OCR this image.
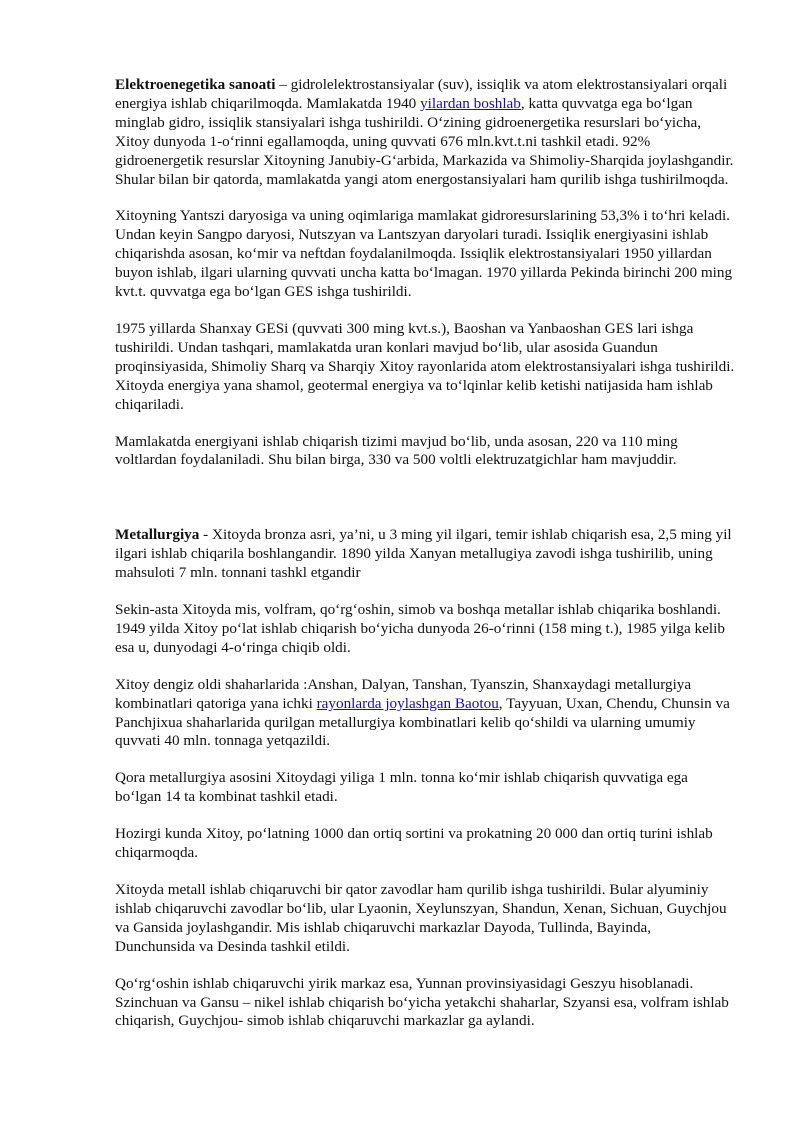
Elektroenegetika sanoati – gidrolelektrostansiyalar (suv), issiqlik va atom elektrostansiyalari orqali energiya ishlab chiqarilmoqda. Mamlakatda 1940 yilardan boshlab, katta quvvatga ega bo‘lgan minglab gidro, issiqlik stansiyalari ishga tushirildi. O‘zining gidroenergetika resurslari bo‘yicha, Xitoy dunyoda 1-o‘rinni egallamoqda, uning quvvati 676 mln.kvt.t.ni tashkil etadi. 92% gidroenergetik resurslar Xitoyning Janubiy-G‘arbida, Markazida va Shimoliy-Sharqida joylashgandir. Shular bilan bir qatorda, mamlakatda yangi atom energostansiyalari ham qurilib ishga tushirilmoqda.

Xitoyning Yantszi daryosiga va uning oqimlariga mamlakat gidroresurslarining 53,3% i to‘hri keladi. Undan keyin Sangpo daryosi, Nutszyan va Lantszyan daryolari turadi. Issiqlik energiyasini ishlab chiqarishda asosan, ko‘mir va neftdan foydalanilmoqda. Issiqlik elektrostansiyalari 1950 yillardan buyon ishlab, ilgari ularning quvvati uncha katta bo‘lmagan. 1970 yillarda Pekinda birinchi 200 ming kvt.t. quvvatga ega bo‘lgan GES ishga tushirildi.

1975 yillarda Shanxay GESi (quvvati 300 ming kvt.s.), Baoshan va Yanbaoshan GES lari ishga tushirildi. Undan tashqari, mamlakatda uran konlari mavjud bo‘lib, ular asosida Guandun proqinsiyasida, Shimoliy Sharq va Sharqiy Xitoy rayonlarida atom elektrostansiyalari ishga tushirildi. Xitoyda energiya yana shamol, geotermal energiya va to‘lqinlar kelib ketishi natijasida ham ishlab chiqariladi.

Mamlakatda energiyani ishlab chiqarish tizimi mavjud bo‘lib, unda asosan, 220 va 110 ming voltlardan foydalaniladi. Shu bilan birga, 330 va 500 voltli elektruzatgichlar ham mavjuddir.

Metallurgiya - Xitoyda bronza asri, ya’ni, u 3 ming yil ilgari, temir ishlab chiqarish esa, 2,5 ming yil ilgari ishlab chiqarila boshlangandir. 1890 yilda Xanyan metallugiya zavodi ishga tushirilib, uning mahsuloti 7 mln. tonnani tashkl etgandir

Sekin-asta Xitoyda mis, volfram, qo‘rg‘oshin, simob va boshqa metallar ishlab chiqarika boshlandi. 1949 yilda Xitoy po‘lat ishlab chiqarish bo‘yicha dunyoda 26-o‘rinni (158 ming t.), 1985 yilga kelib esa u, dunyodagi 4-o‘ringa chiqib oldi.

Xitoy dengiz oldi shaharlarida :Anshan, Dalyan, Tanshan, Tyanszin, Shanxaydagi metallurgiya kombinatlari qatoriga yana ichki rayonlarda joylashgan Baotou, Tayyuan, Uxan, Chendu, Chunsin va Panchjixua shaharlarida qurilgan metallurgiya kombinatlari kelib qo‘shildi va ularning umumiy quvvati 40 mln. tonnaga yetqazildi.

Qora metallurgiya asosini Xitoydagi yiliga 1 mln. tonna ko‘mir ishlab chiqarish quvvatiga ega bo‘lgan 14 ta kombinat tashkil etadi.

Hozirgi kunda Xitoy, po‘latning 1000 dan ortiq sortini va prokatning 20 000 dan ortiq turini ishlab chiqarmoqda.

Xitoyda metall ishlab chiqaruvchi bir qator zavodlar ham qurilib ishga tushirildi. Bular alyuminiy ishlab chiqaruvchi zavodlar bo‘lib, ular Lyaonin, Xeylunszyan, Shandun, Xenan, Sichuan, Guychjou va Gansida joylashgandir. Mis ishlab chiqaruvchi markazlar Dayoda, Tullinda, Bayinda, Dunchunsida va Desinda tashkil etildi.

Qo‘rg‘oshin ishlab chiqaruvchi yirik markaz esa, Yunnan provinsiyasidagi Geszyu hisoblanadi. Szinchuan va Gansu – nikel ishlab chiqarish bo‘yicha yetakchi shaharlar, Szyansi esa, volfram ishlab chiqarish, Guychjou- simob ishlab chiqaruvchi markazlar ga aylandi.
